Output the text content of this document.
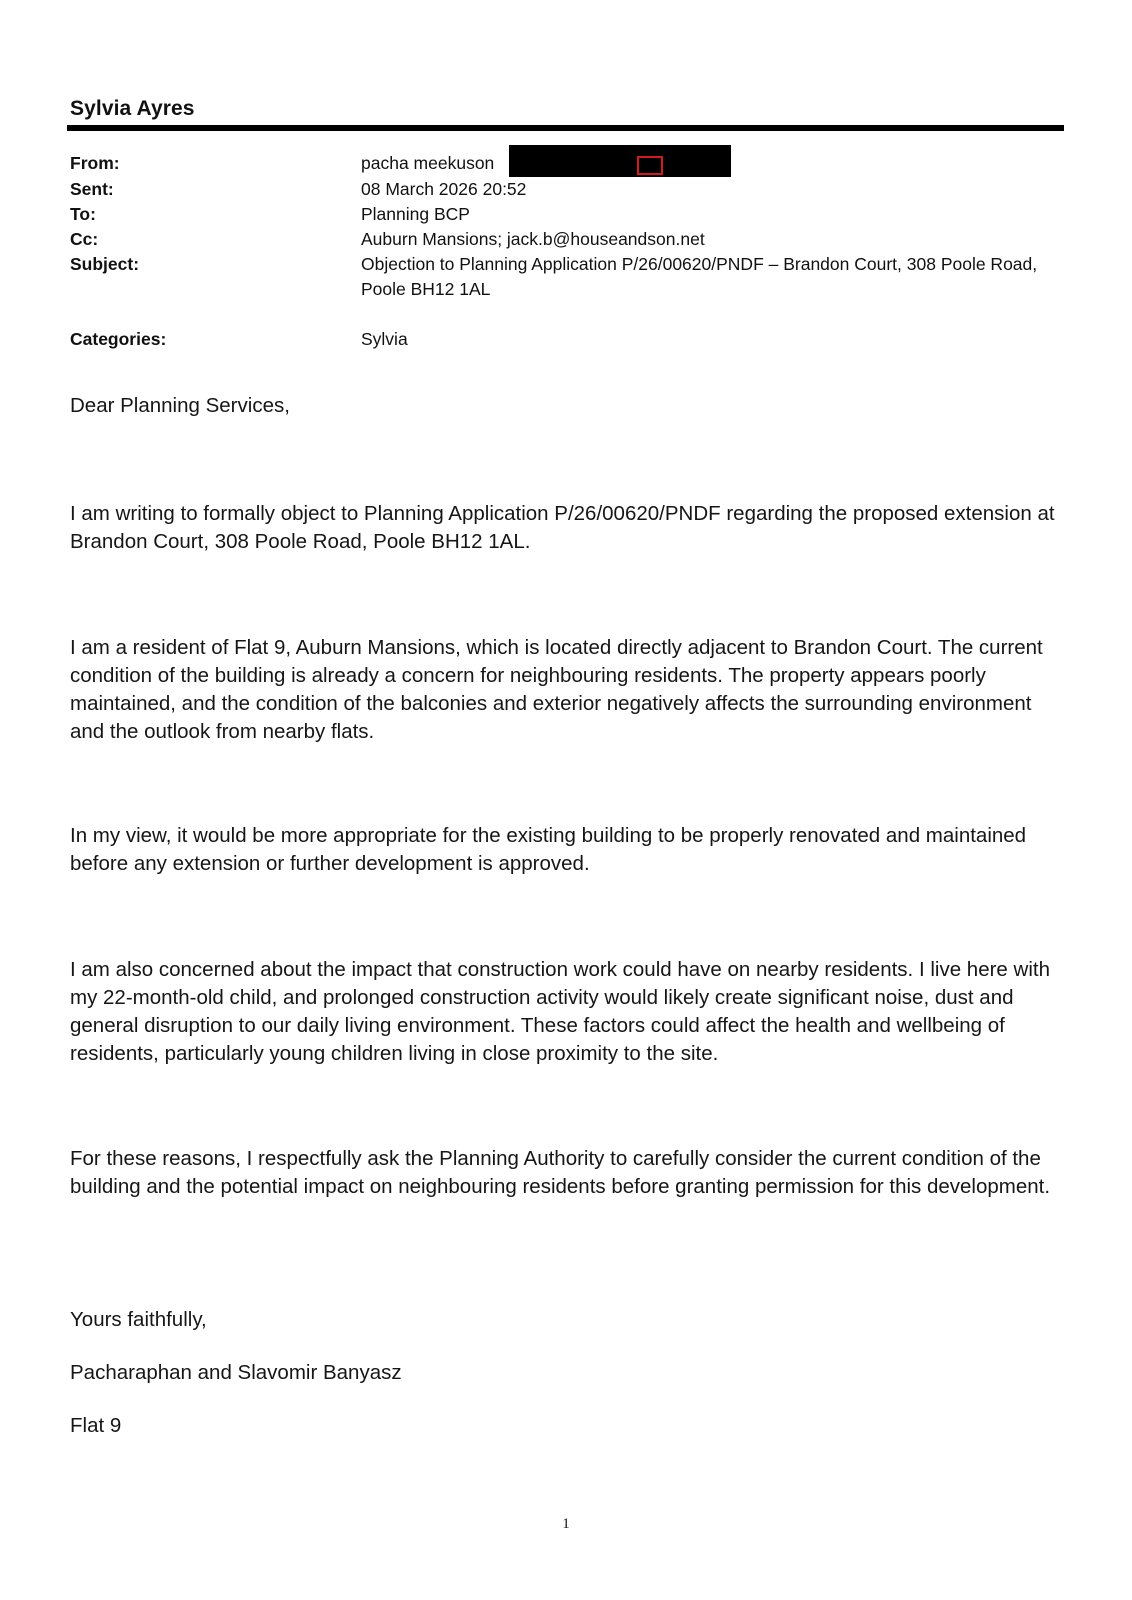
Sylvia Ayres
From:	pacha meekuson
Sent:	08 March 2026 20:52
To:	Planning BCP
Cc:	Auburn Mansions; jack.b@houseandson.net
Subject:	Objection to Planning Application P/26/00620/PNDF – Brandon Court, 308 Poole Road, Poole BH12 1AL
Categories:	Sylvia
Dear Planning Services,
I am writing to formally object to Planning Application P/26/00620/PNDF regarding the proposed extension at Brandon Court, 308 Poole Road, Poole BH12 1AL.
I am a resident of Flat 9, Auburn Mansions, which is located directly adjacent to Brandon Court. The current condition of the building is already a concern for neighbouring residents. The property appears poorly maintained, and the condition of the balconies and exterior negatively affects the surrounding environment and the outlook from nearby flats.
In my view, it would be more appropriate for the existing building to be properly renovated and maintained before any extension or further development is approved.
I am also concerned about the impact that construction work could have on nearby residents. I live here with my 22-month-old child, and prolonged construction activity would likely create significant noise, dust and general disruption to our daily living environment. These factors could affect the health and wellbeing of residents, particularly young children living in close proximity to the site.
For these reasons, I respectfully ask the Planning Authority to carefully consider the current condition of the building and the potential impact on neighbouring residents before granting permission for this development.
Yours faithfully,
Pacharaphan and Slavomir Banyasz
Flat 9
1
